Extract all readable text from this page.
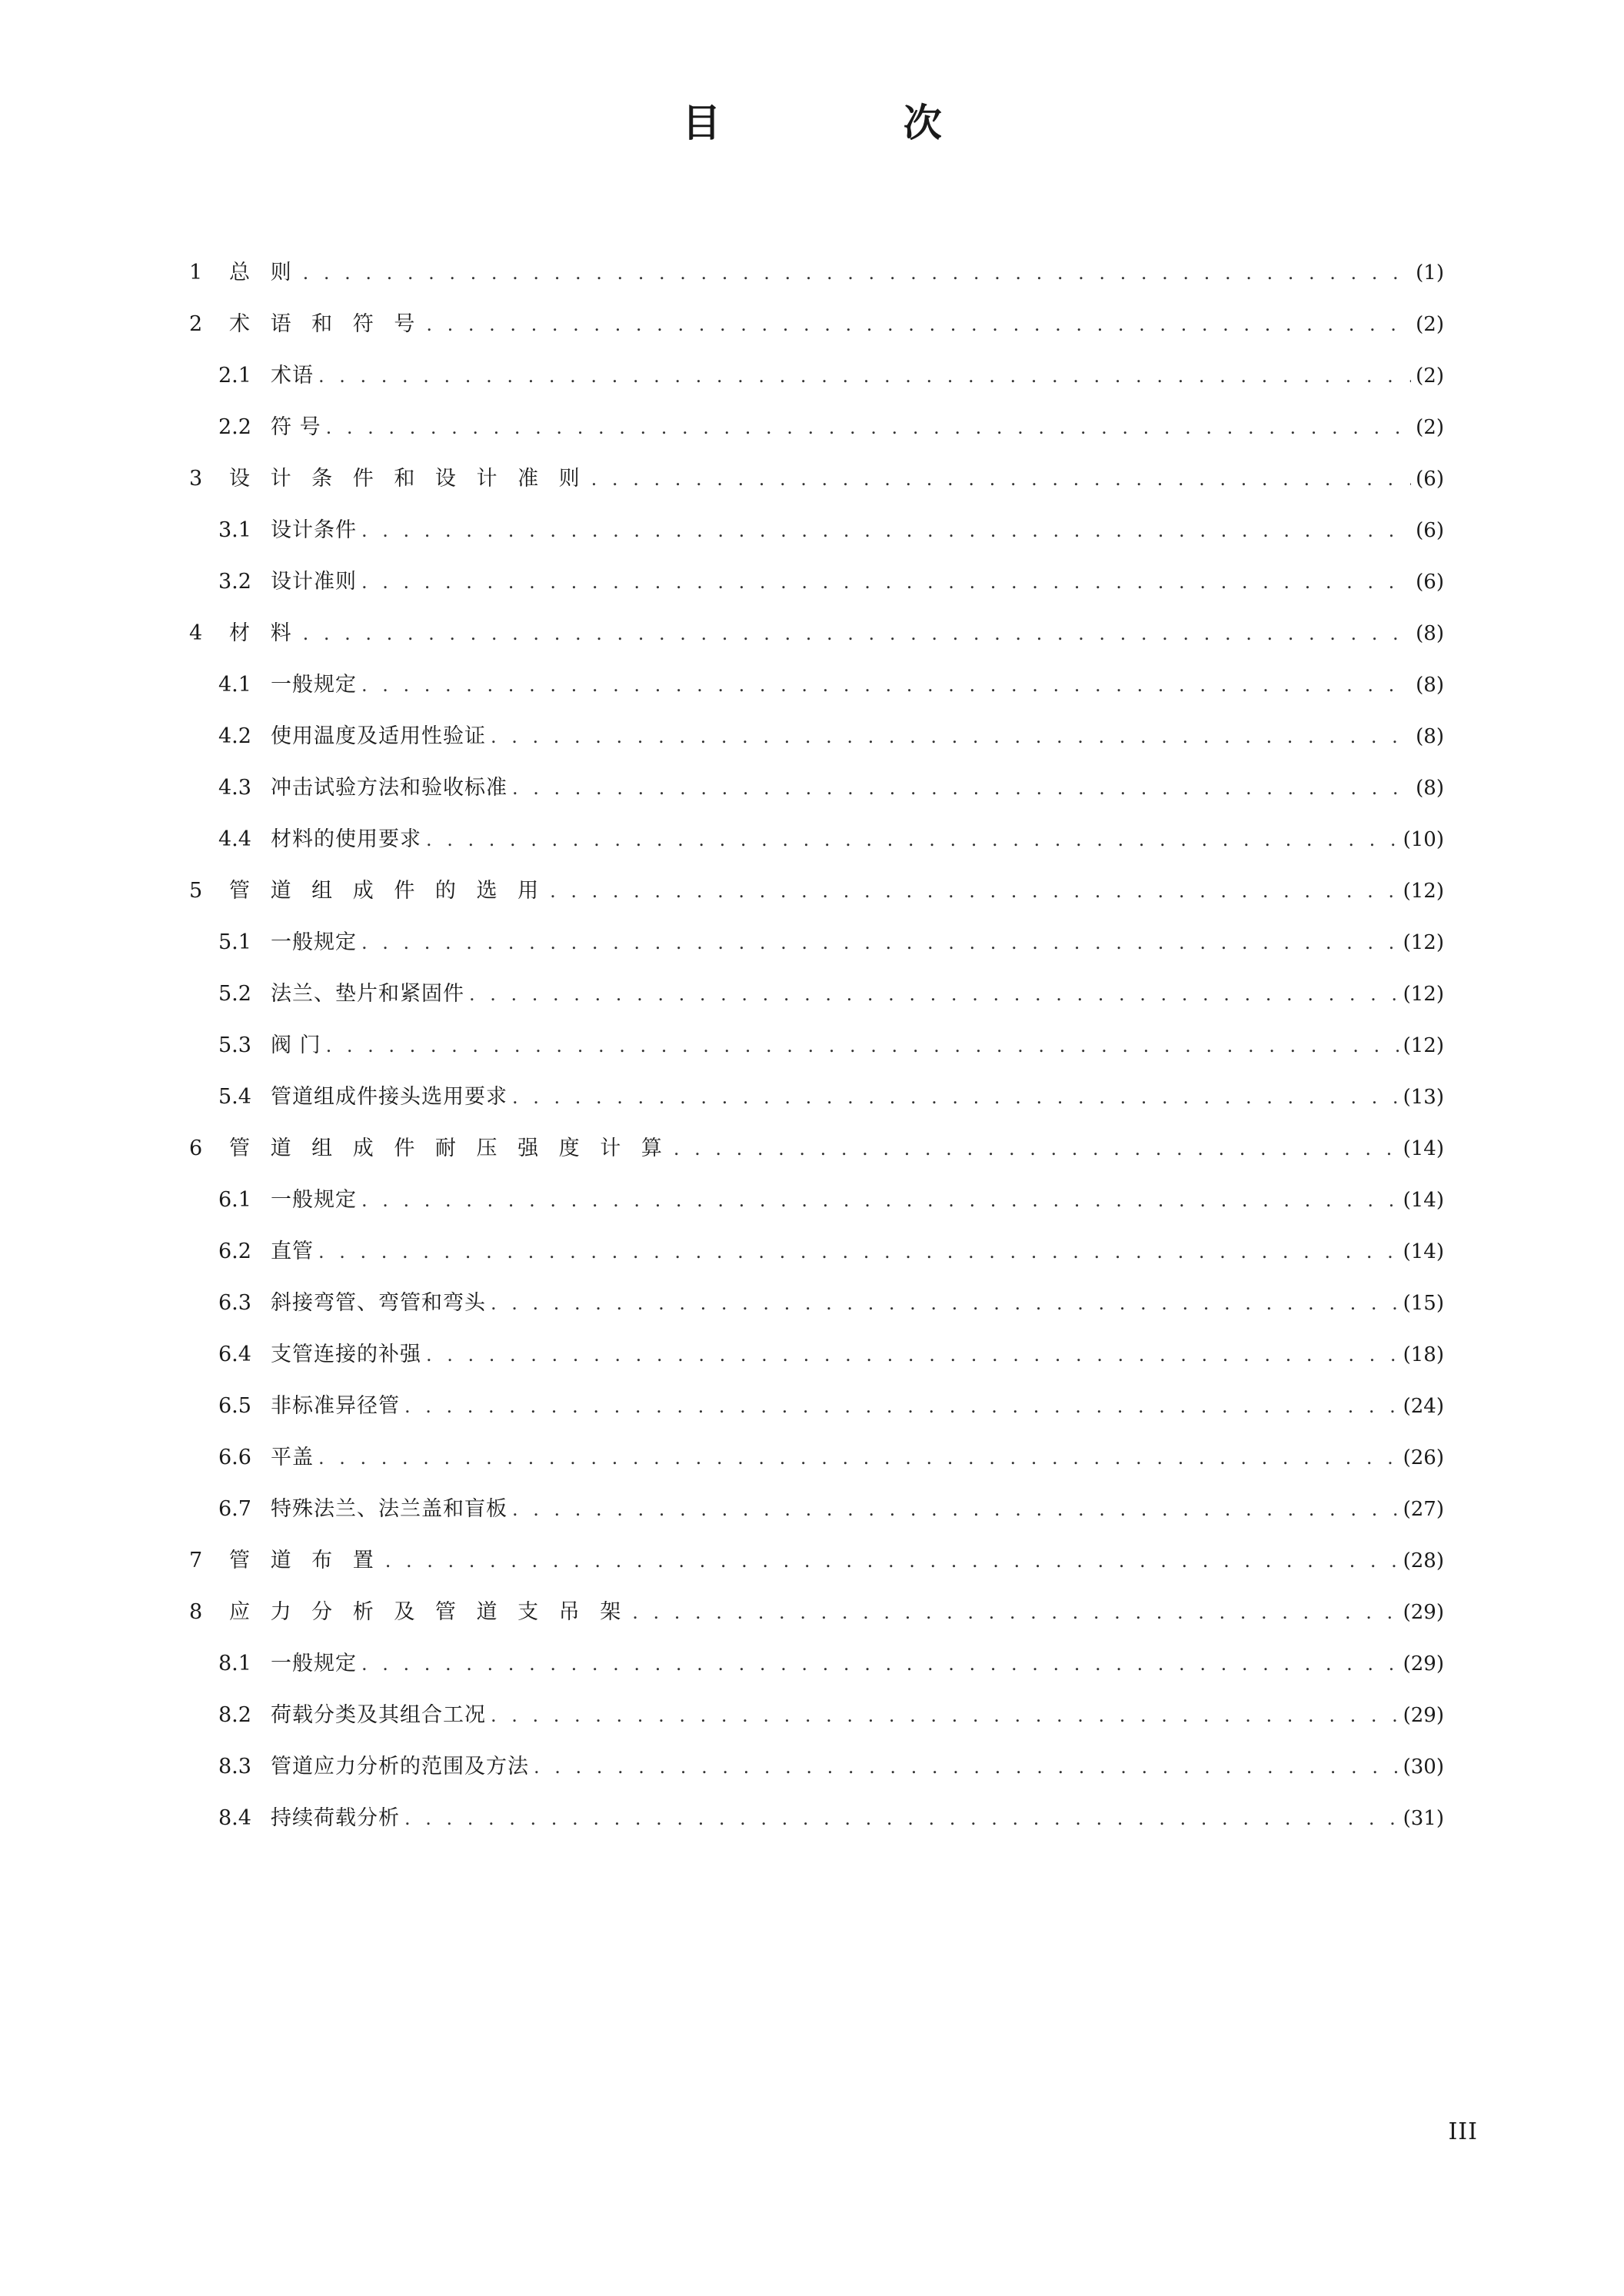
目 次
1	总 则 . . .	(1)
2	术 语 和 符 号 . . .	(2)
2.1 术语 . . .	(2)
2.2 符 号 . . .	(2)
3	设 计 条 件 和 设 计 准 则 . . .	(6)
3.1 设计条件 . . .	(6)
3.2 设计准则 . . .	(6)
4	材 料 . . .	(8)
4.1 一般规定 . . .	(8)
4.2 使用温度及适用性验证 . . .	(8)
4.3 冲击试验方法和验收标准 . . .	(8)
4.4 材料的使用要求 . . .	(10)
5	管 道 组 成 件 的 选 用 . . .	(12)
5.1 一般规定 . . .	(12)
5.2 法兰、垫片和紧固件 . . .	(12)
5.3 阀 门 . . .	(12)
5.4 管道组成件接头选用要求 . . .	(13)
6	管 道 组 成 件 耐 压 强 度 计 算 . . .	(14)
6.1 一般规定 . . .	(14)
6.2 直管 . . .	(14)
6.3 斜接弯管、弯管和弯头 . . .	(15)
6.4 支管连接的补强 . . .	(18)
6.5 非标准异径管 . . .	(24)
6.6 平盖 . . .	(26)
6.7 特殊法兰、法兰盖和盲板 . . .	(27)
7	管 道 布 置 . . .	(28)
8	应 力 分 析 及 管 道 支 吊 架 . . .	(29)
8.1 一般规定 . . .	(29)
8.2 荷载分类及其组合工况 . . .	(29)
8.3 管道应力分析的范围及方法 . . .	(30)
8.4 持续荷载分析 . . .	(31)
III
